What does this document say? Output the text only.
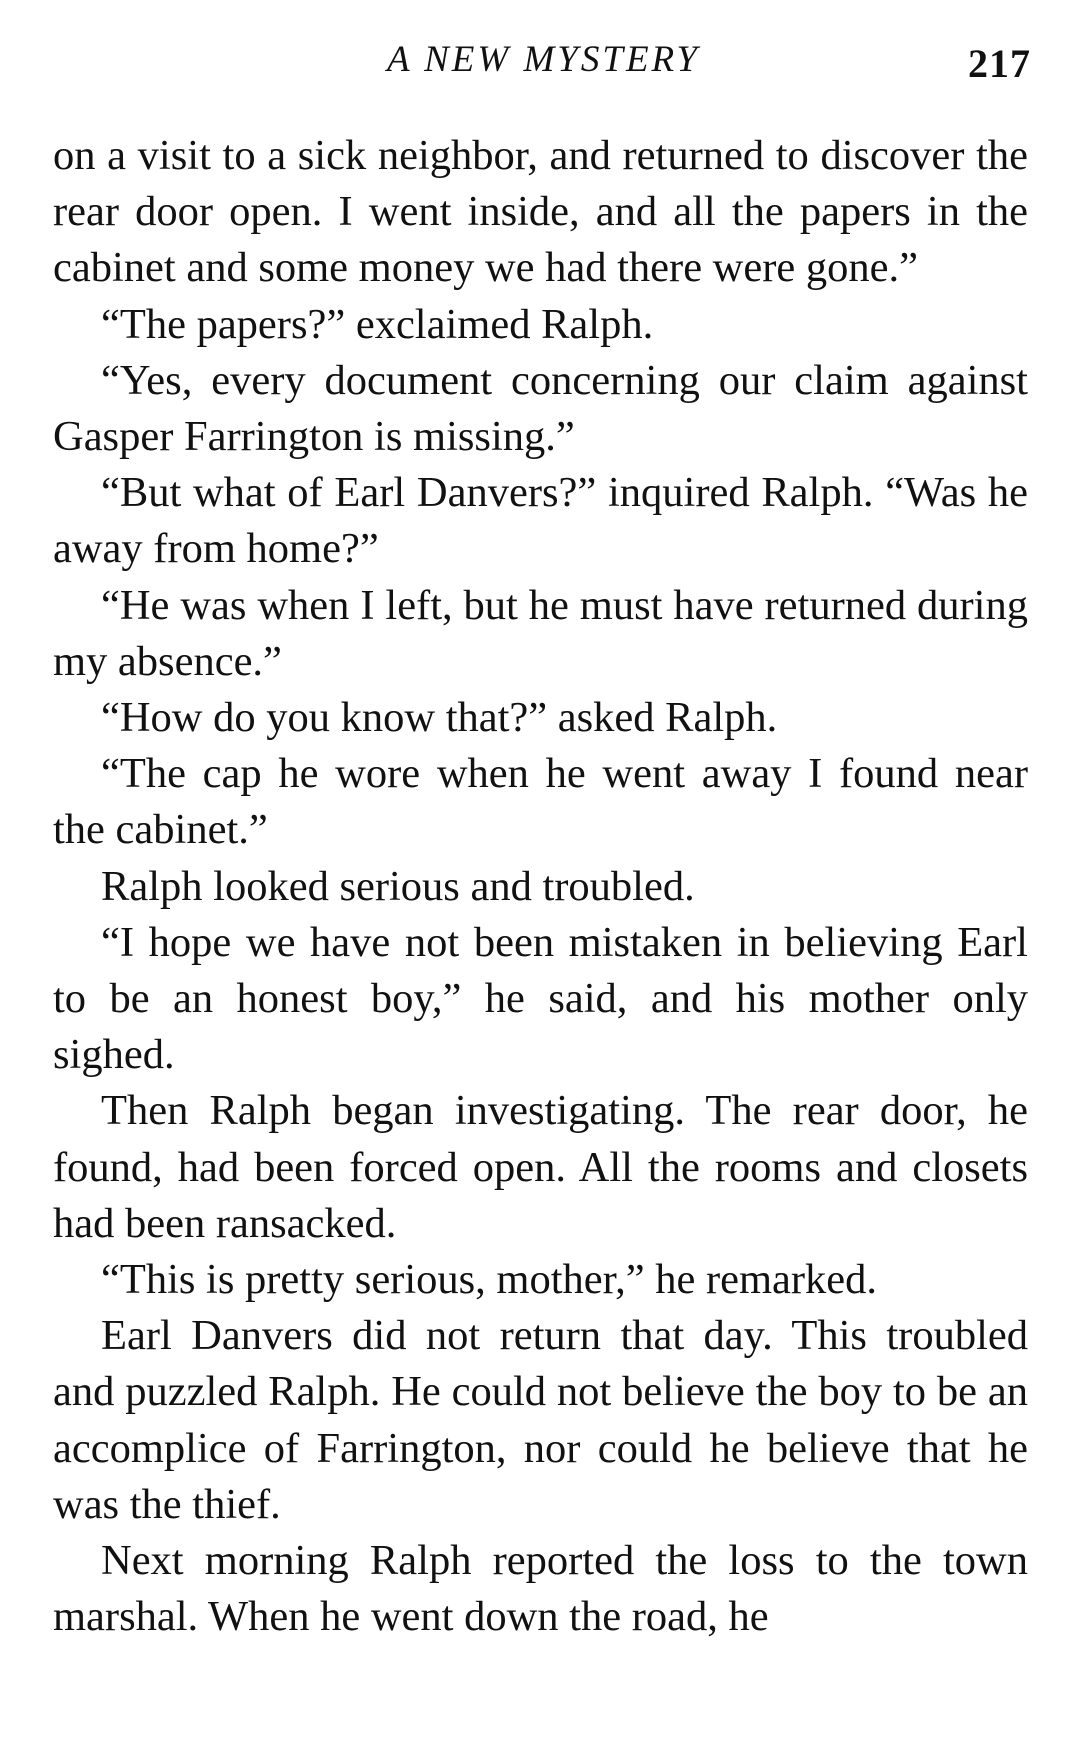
A NEW MYSTERY	217

on a visit to a sick neighbor, and returned to discover the rear door open. I went inside, and all the papers in the cabinet and some money we had there were gone.”

“The papers?” exclaimed Ralph.

“Yes, every document concerning our claim against Gasper Farrington is missing.”

“But what of Earl Danvers?” inquired Ralph. “Was he away from home?”

“He was when I left, but he must have returned during my absence.”

“How do you know that?” asked Ralph.

“The cap he wore when he went away I found near the cabinet.”

Ralph looked serious and troubled.

“I hope we have not been mistaken in believing Earl to be an honest boy,” he said, and his mother only sighed.

Then Ralph began investigating. The rear door, he found, had been forced open. All the rooms and closets had been ransacked.

“This is pretty serious, mother,” he remarked.

Earl Danvers did not return that day. This troubled and puzzled Ralph. He could not believe the boy to be an accomplice of Farrington, nor could he believe that he was the thief.

Next morning Ralph reported the loss to the town marshal. When he went down the road, he
